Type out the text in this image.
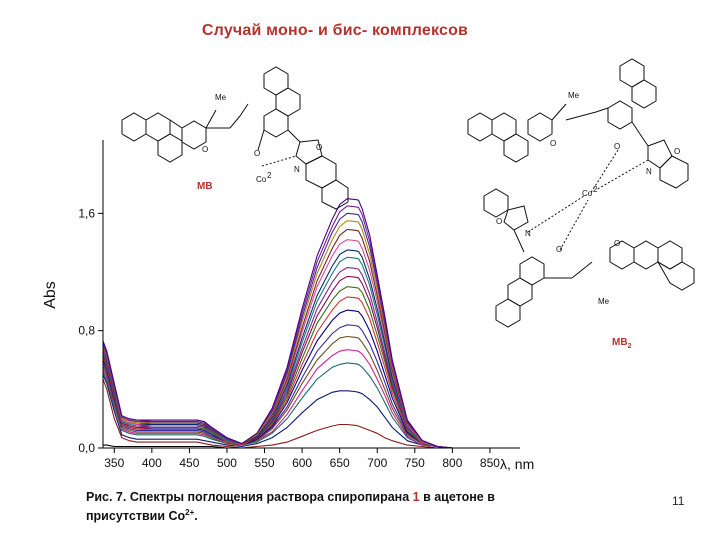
Случай моно- и бис- комплексов
350 400 450 500 550 600 650 700 750 800 850
0,0
0,8
1,6
Abs
λ, nm
Me
O	O
O
N
Co 2
Me
O	O
O
N
Co 2
N
O
O
O
Me
MB
$MB_2$
Рис. 7. Спектры поглощения раствора спиропирана 1 в ацетоне в присутствии $Co^{2+}$.
11
